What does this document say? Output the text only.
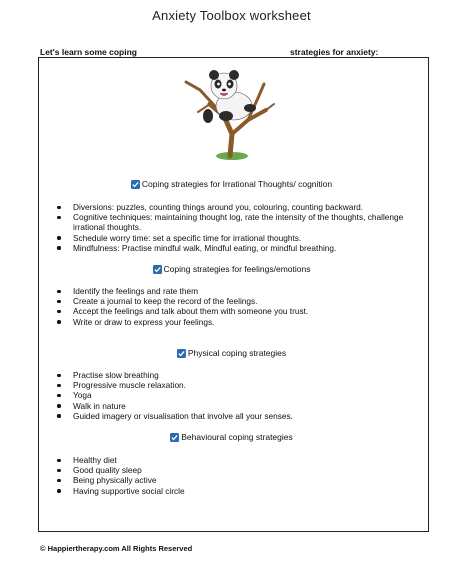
Anxiety Toolbox worksheet
Let's learn some coping	strategies for anxiety:
Coping strategies for Irrational Thoughts/ cognition
Diversions: puzzles, counting things around you, colouring, counting backward.
Cognitive techniques: maintaining thought log, rate the intensity of the thoughts, challenge irrational thoughts.
Schedule worry time: set a specific time for irrational thoughts.
Mindfulness: Practise mindful walk, Mindful eating, or mindful breathing.
Coping strategies for feelings/emotions
Identify the feelings and rate them
Create a journal to keep the record of the feelings.
Accept the feelings and talk about them with someone you trust.
Write or draw to express your feelings.
Physical coping strategies
Practise slow breathing
Progressive muscle relaxation.
Yoga
Walk in nature
Guided imagery or visualisation that involve all your senses.
Behavioural coping strategies
Healthy diet
Good quality sleep
Being physically active
Having supportive social circle
© Happiertherapy.com All Rights Reserved
